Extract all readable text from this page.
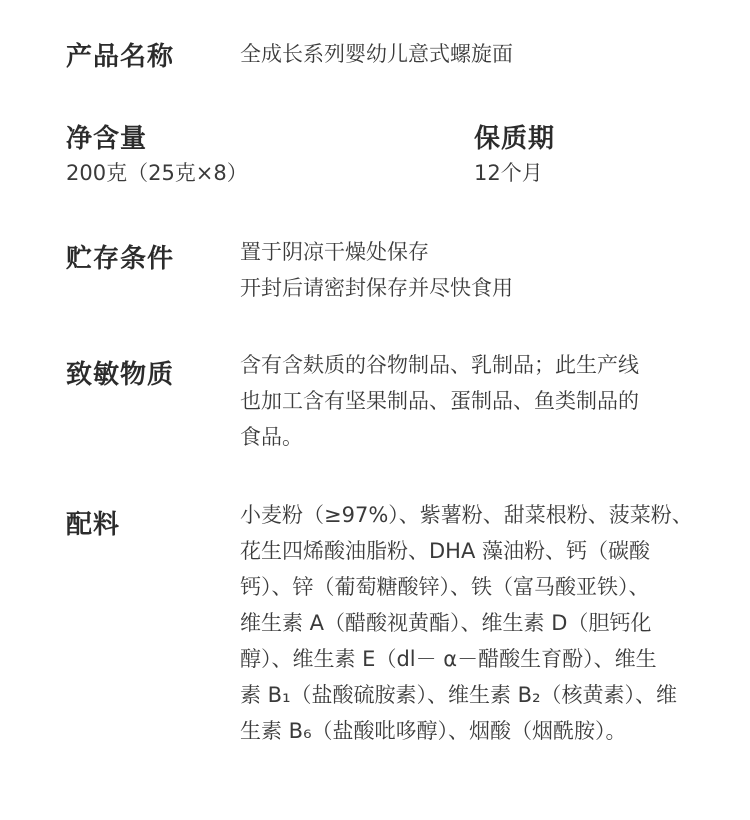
产品名称	全成长系列婴幼儿意式螺旋面
净含量
200克（25克×8）
保质期
12个月
贮存条件	置于阴凉干燥处保存
开封后请密封保存并尽快食用
致敏物质	含有含麸质的谷物制品、乳制品；此生产线
也加工含有坚果制品、蛋制品、鱼类制品的
食品。
配料	小麦粉（≥97%）、紫薯粉、甜菜根粉、菠菜粉、
花生四烯酸油脂粉、DHA 藻油粉、钙（碳酸
钙）、锌（葡萄糖酸锌）、铁（富马酸亚铁）、
维生素 A（醋酸视黄酯）、维生素 D（胆钙化
醇）、维生素 E（dl－ α－醋酸生育酚）、维生
素 B₁（盐酸硫胺素）、维生素 B₂（核黄素）、维
生素 B₆（盐酸吡哆醇）、烟酸（烟酰胺）。
